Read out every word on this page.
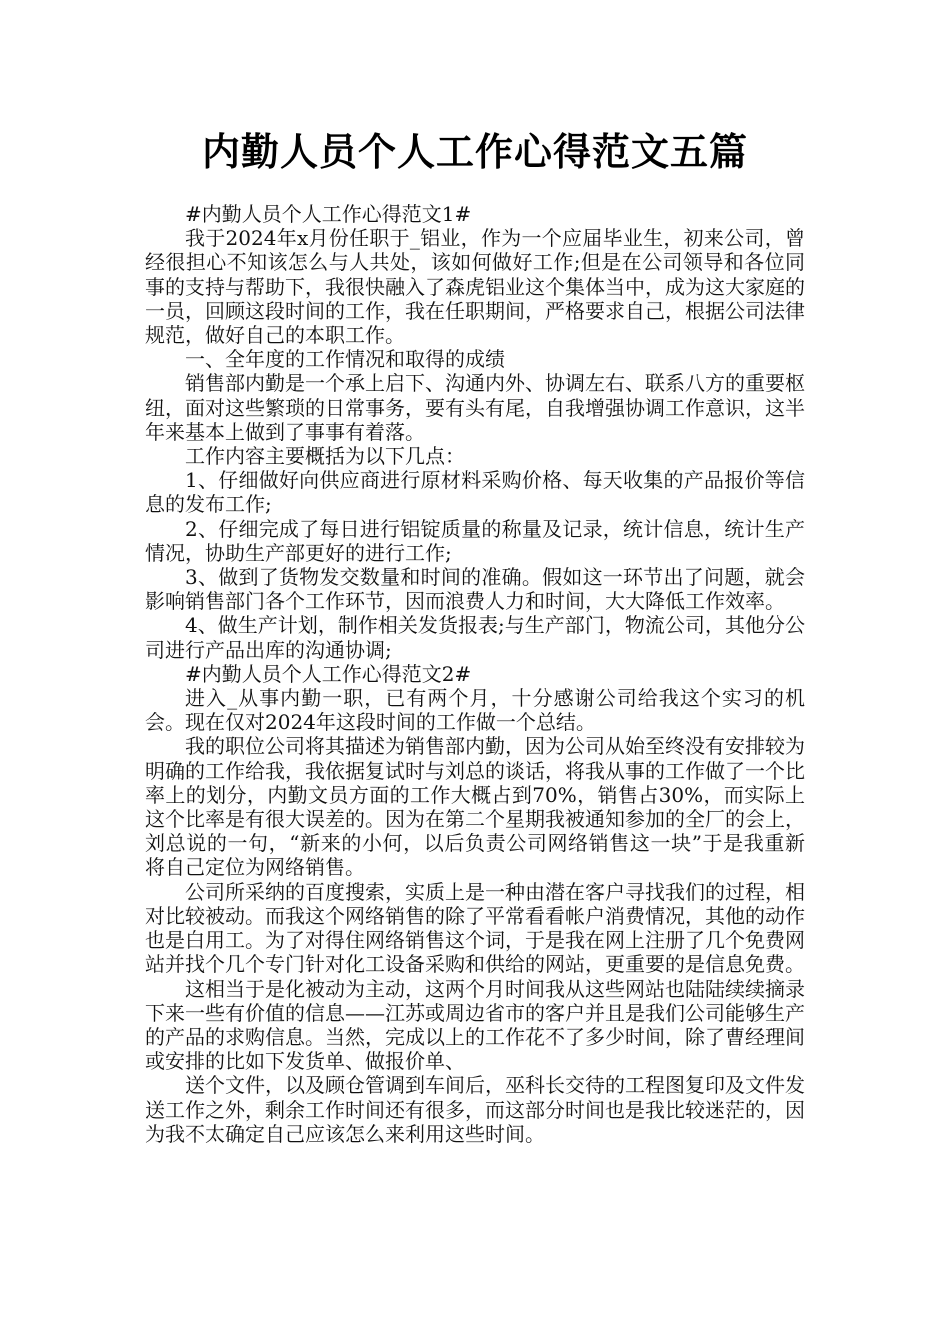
内勤人员个人工作心得范文五篇

#内勤人员个人工作心得范文1#

我于2024年x月份任职于_铝业，作为一个应届毕业生，初来公司，曾经很担心不知该怎么与人共处，该如何做好工作;但是在公司领导和各位同事的支持与帮助下，我很快融入了森虎铝业这个集体当中，成为这大家庭的一员，回顾这段时间的工作，我在任职期间，严格要求自己，根据公司法律规范，做好自己的本职工作。

一、全年度的工作情况和取得的成绩

销售部内勤是一个承上启下、沟通内外、协调左右、联系八方的重要枢纽，面对这些繁琐的日常事务，要有头有尾，自我增强协调工作意识，这半年来基本上做到了事事有着落。

工作内容主要概括为以下几点：

1、仔细做好向供应商进行原材料采购价格、每天收集的产品报价等信息的发布工作;

2、仔细完成了每日进行铝锭质量的称量及记录，统计信息，统计生产情况，协助生产部更好的进行工作;

3、做到了货物发交数量和时间的准确。假如这一环节出了问题，就会影响销售部门各个工作环节，因而浪费人力和时间，大大降低工作效率。

4、做生产计划，制作相关发货报表;与生产部门，物流公司，其他分公司进行产品出库的沟通协调;

#内勤人员个人工作心得范文2#

进入_从事内勤一职，已有两个月，十分感谢公司给我这个实习的机会。现在仅对2024年这段时间的工作做一个总结。

我的职位公司将其描述为销售部内勤，因为公司从始至终没有安排较为明确的工作给我，我依据复试时与刘总的谈话，将我从事的工作做了一个比率上的划分，内勤文员方面的工作大概占到70%，销售占30%，而实际上这个比率是有很大误差的。因为在第二个星期我被通知参加的全厂的会上，刘总说的一句，“新来的小何，以后负责公司网络销售这一块”于是我重新将自己定位为网络销售。

公司所采纳的百度搜索，实质上是一种由潜在客户寻找我们的过程，相对比较被动。而我这个网络销售的除了平常看看帐户消费情况，其他的动作也是白用工。为了对得住网络销售这个词，于是我在网上注册了几个免费网站并找个几个专门针对化工设备采购和供给的网站，更重要的是信息免费。

这相当于是化被动为主动，这两个月时间我从这些网站也陆陆续续摘录下来一些有价值的信息——江苏或周边省市的客户并且是我们公司能够生产的产品的求购信息。当然，完成以上的工作花不了多少时间，除了曹经理间或安排的比如下发货单、做报价单、

送个文件，以及顾仓管调到车间后，巫科长交待的工程图复印及文件发送工作之外，剩余工作时间还有很多，而这部分时间也是我比较迷茫的，因为我不太确定自己应该怎么来利用这些时间。
